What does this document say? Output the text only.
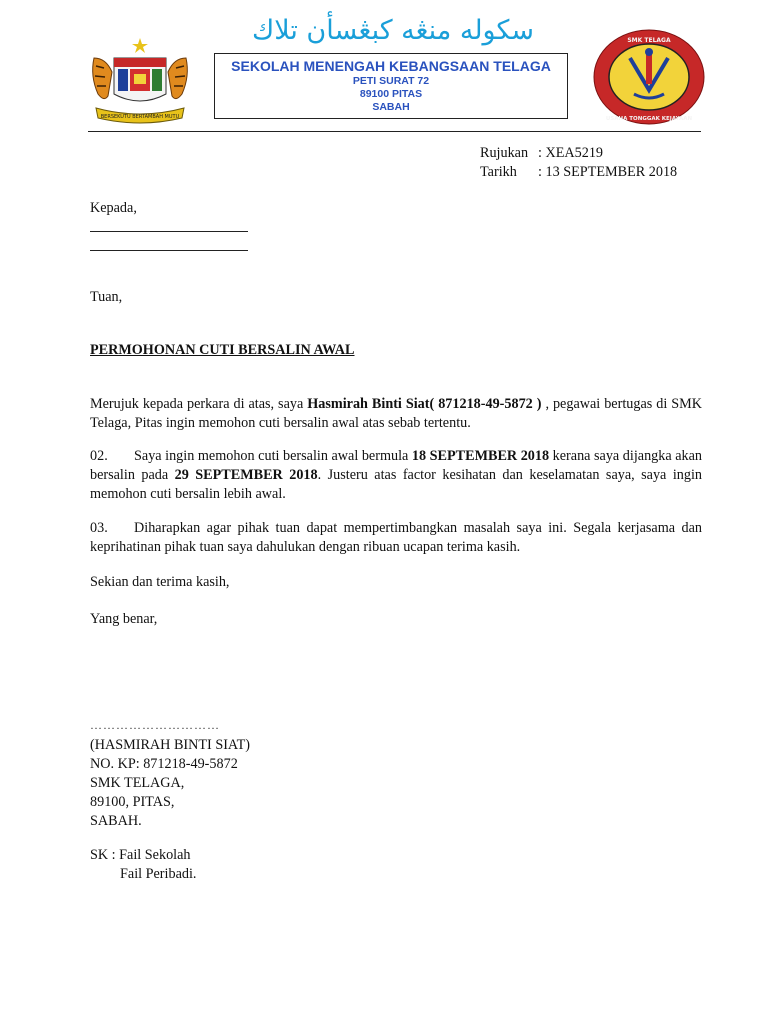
سكوله منڠه كبڠسأن تلاك
BERSEKUTU BERTAMBAH MUTU
SEKOLAH MENENGAH KEBANGSAAN TELAGA
PETI SURAT 72
89100 PITAS
SABAH
SMK TELAGA
USAHA TONGGAK KEJAYAAN
Rujukan : XEA5219
Tarikh	: 13 SEPTEMBER 2018
Kepada,
Tuan,
PERMOHONAN CUTI BERSALIN AWAL
Merujuk kepada perkara di atas, saya Hasmirah Binti Siat( 871218-49-5872 ) , pegawai bertugas di SMK Telaga, Pitas ingin memohon cuti bersalin awal atas sebab tertentu.
02. Saya ingin memohon cuti bersalin awal bermula 18 SEPTEMBER 2018 kerana saya dijangka akan bersalin pada 29 SEPTEMBER 2018. Justeru atas factor kesihatan dan keselamatan saya, saya ingin memohon cuti bersalin lebih awal.
03. Diharapkan agar pihak tuan dapat mempertimbangkan masalah saya ini. Segala kerjasama dan keprihatinan pihak tuan saya dahulukan dengan ribuan ucapan terima kasih.
Sekian dan terima kasih,
Yang benar,
…………………………
(HASMIRAH BINTI SIAT)
NO. KP: 871218-49-5872
SMK TELAGA,
89100, PITAS,
SABAH.
SK : Fail Sekolah
Fail Peribadi.
